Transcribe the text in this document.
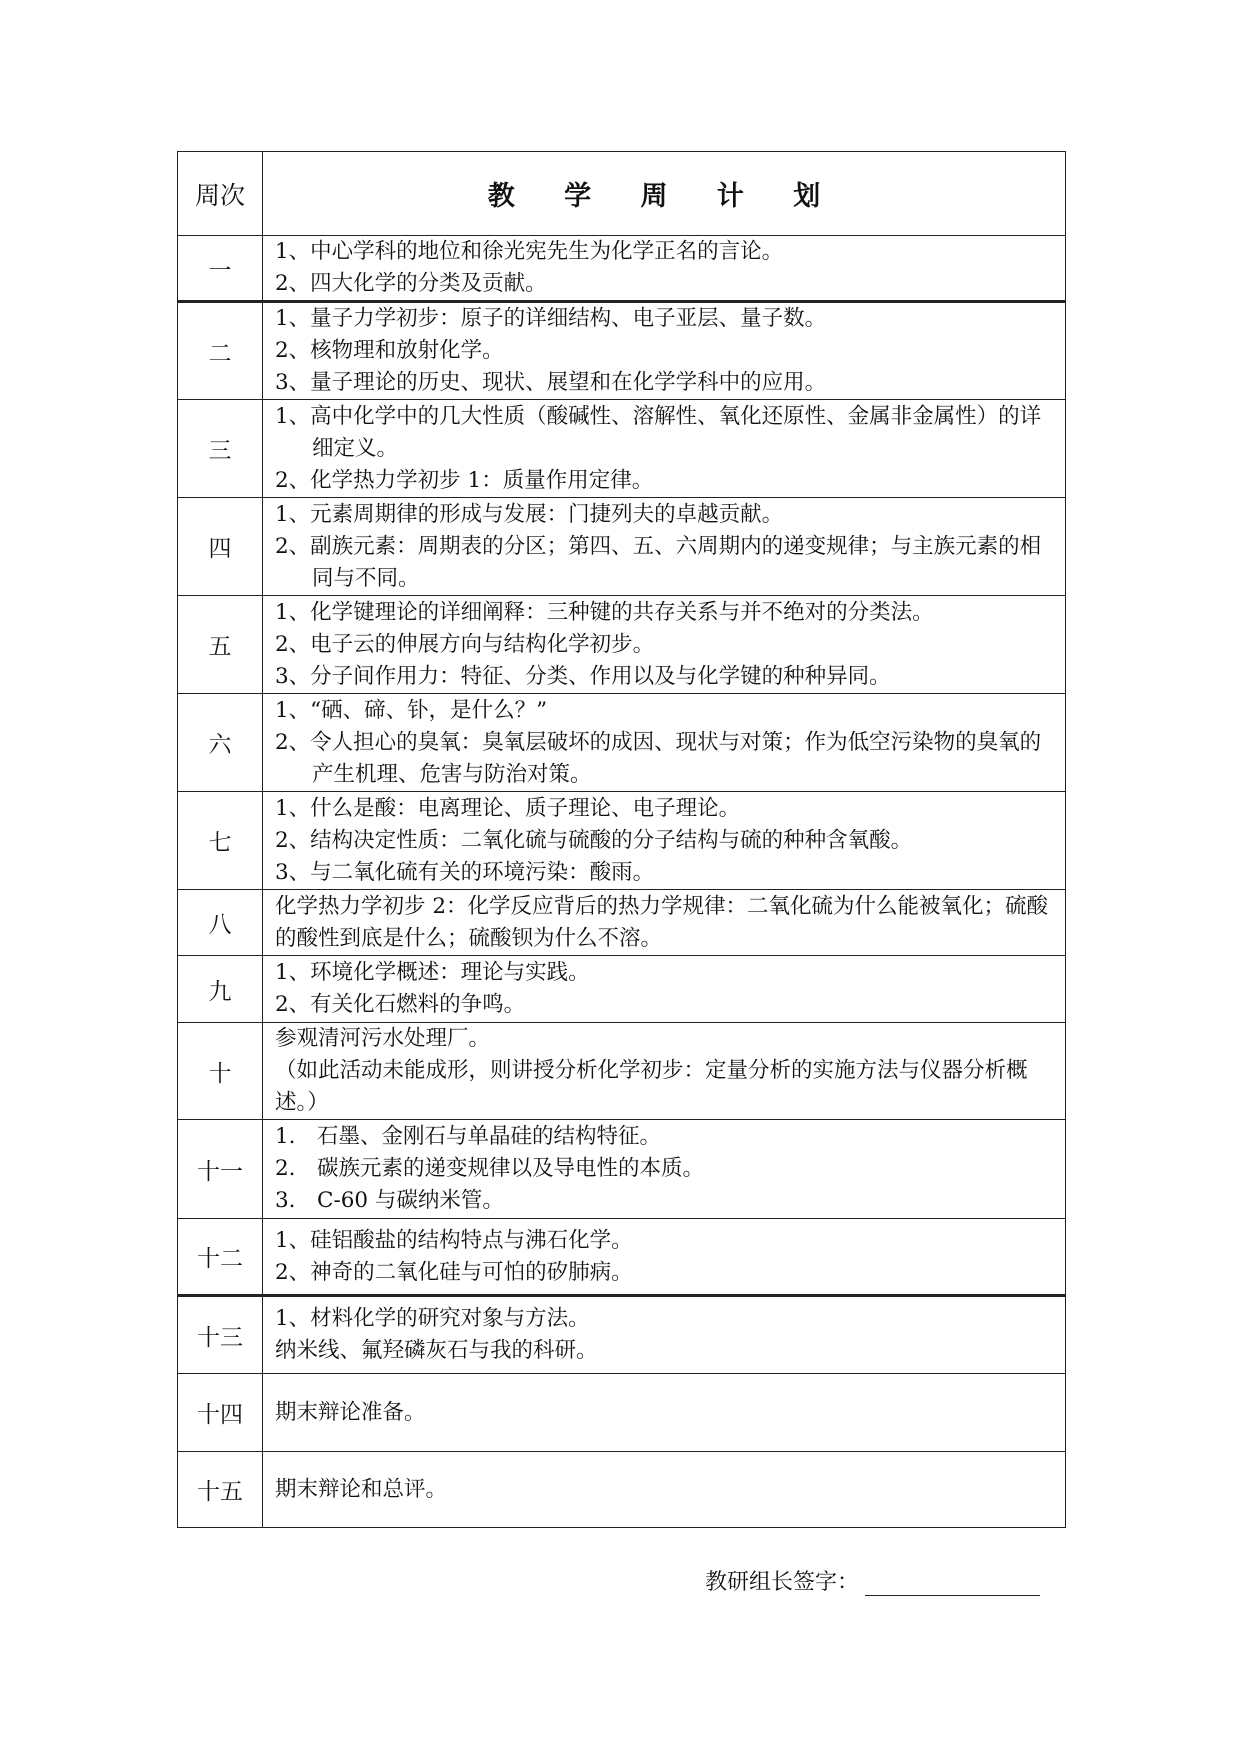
周次	教 学 周 计 划
一	1、中心学科的地位和徐光宪先生为化学正名的言论。
2、四大化学的分类及贡献。

二	1、量子力学初步：原子的详细结构、电子亚层、量子数。
2、核物理和放射化学。
3、量子理论的历史、现状、展望和在化学学科中的应用。

三	1、高中化学中的几大性质（酸碱性、溶解性、氧化还原性、金属非金属性）的详细定义。
2、化学热力学初步 1：质量作用定律。

四	1、元素周期律的形成与发展：门捷列夫的卓越贡献。
2、副族元素：周期表的分区；第四、五、六周期内的递变规律；与主族元素的相同与不同。

五	1、化学键理论的详细阐释：三种键的共存关系与并不绝对的分类法。
2、电子云的伸展方向与结构化学初步。
3、分子间作用力：特征、分类、作用以及与化学键的种种异同。

六	1、“硒、碲、钋，是什么？”
2、令人担心的臭氧：臭氧层破坏的成因、现状与对策；作为低空污染物的臭氧的产生机理、危害与防治对策。

七	1、什么是酸：电离理论、质子理论、电子理论。
2、结构决定性质：二氧化硫与硫酸的分子结构与硫的种种含氧酸。
3、与二氧化硫有关的环境污染：酸雨。

八	化学热力学初步 2：化学反应背后的热力学规律：二氧化硫为什么能被氧化；硫酸的酸性到底是什么；硫酸钡为什么不溶。

九	1、环境化学概述：理论与实践。
2、有关化石燃料的争鸣。

十	参观清河污水处理厂。
（如此活动未能成形，则讲授分析化学初步：定量分析的实施方法与仪器分析概述。）

十一	1.　石墨、金刚石与单晶硅的结构特征。
2.　碳族元素的递变规律以及导电性的本质。
3.　C-60 与碳纳米管。

十二	1、硅铝酸盐的结构特点与沸石化学。
2、神奇的二氧化硅与可怕的矽肺病。

十三	1、材料化学的研究对象与方法。
纳米线、氟羟磷灰石与我的科研。

十四	期末辩论准备。

十五	期末辩论和总评。
教研组长签字：
